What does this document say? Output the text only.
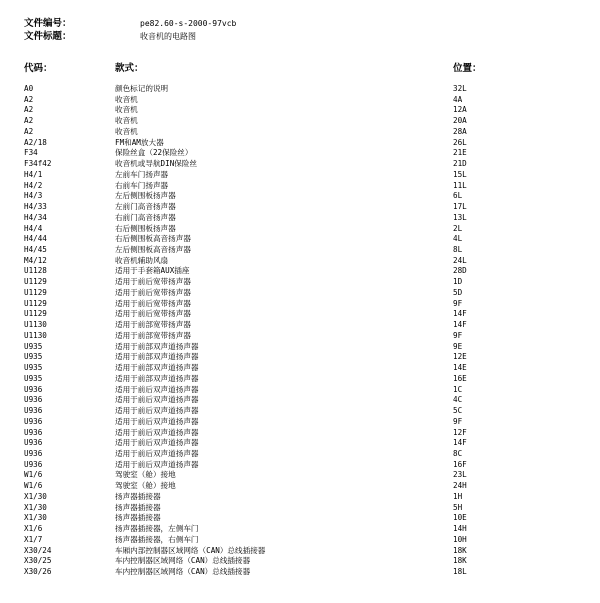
文件编号：	pe82.60-s-2000-97vcb
文件标题：	收音机的电路图
代码：	款式：	位置：
A0	颜色标记的说明	32L
A2	收音机	4A
A2	收音机	12A
A2	收音机	20A
A2	收音机	28A
A2/18	FM和AM放大器	26L
F34	保险丝盒（22保险丝）	21E
F34f42	收音机或导航DIN保险丝	21D
H4/1	左前车门扬声器	15L
H4/2	右前车门扬声器	11L
H4/3	左后侧围板扬声器	6L
H4/33	左前门高音扬声器	17L
H4/34	右前门高音扬声器	13L
H4/4	右后侧围板扬声器	2L
H4/44	右后侧围板高音扬声器	4L
H4/45	左后侧围板高音扬声器	8L
M4/12	收音机辅助风扇	24L
U1128	适用于手套箱AUX插座	28D
U1129	适用于前后宽带扬声器	1D
U1129	适用于前后宽带扬声器	5D
U1129	适用于前后宽带扬声器	9F
U1129	适用于前后宽带扬声器	14F
U1130	适用于前部宽带扬声器	14F
U1130	适用于前部宽带扬声器	9F
U935	适用于前部双声道扬声器	9E
U935	适用于前部双声道扬声器	12E
U935	适用于前部双声道扬声器	14E
U935	适用于前部双声道扬声器	16E
U936	适用于前后双声道扬声器	1C
U936	适用于前后双声道扬声器	4C
U936	适用于前后双声道扬声器	5C
U936	适用于前后双声道扬声器	9F
U936	适用于前后双声道扬声器	12F
U936	适用于前后双声道扬声器	14F
U936	适用于前后双声道扬声器	8C
U936	适用于前后双声道扬声器	16F
W1/6	驾驶室（舱）接地	23L
W1/6	驾驶室（舱）接地	24H
X1/30	扬声器插接器	1H
X1/30	扬声器插接器	5H
X1/30	扬声器插接器	10E
X1/6	扬声器插接器，左侧车门	14H
X1/7	扬声器插接器，右侧车门	10H
X30/24	车厢内部控制器区域网络（CAN）总线插接器	18K
X30/25	车内控制器区域网络（CAN）总线插接器	18K
X30/26	车内控制器区域网络（CAN）总线插接器	18L
